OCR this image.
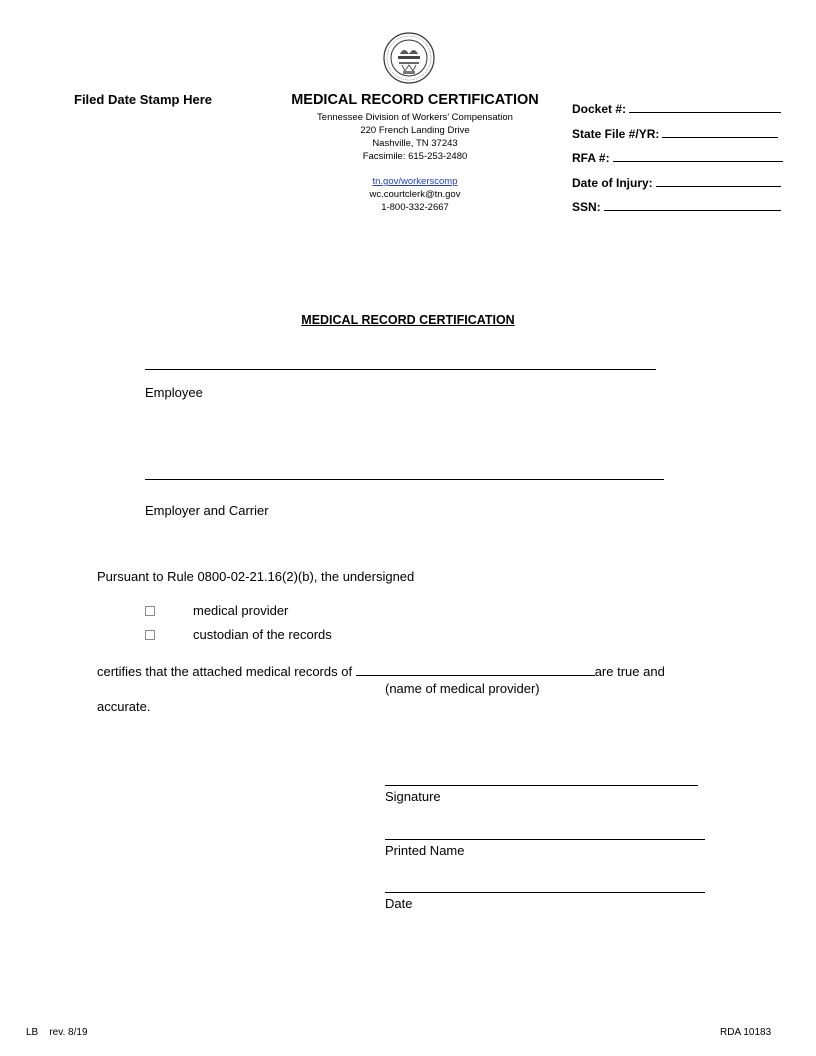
Filed Date Stamp Here	MEDICAL RECORD CERTIFICATION
Tennessee Division of Workers’ Compensation
220 French Landing Drive
Nashville, TN 37243
Facsimile: 615-253-2480
tn.gov/workerscomp
wc.courtclerk@tn.gov
1-800-332-2667
Docket #:
State File #/YR:
RFA #:
Date of Injury:
SSN:
MEDICAL RECORD CERTIFICATION
Employee
Employer and Carrier
Pursuant to Rule 0800-02-21.16(2)(b), the undersigned
medical provider
custodian of the records
certifies that the attached medical records of	are true and
(name of medical provider)
accurate.
Signature
Printed Name
Date
LB    rev. 8/19	RDA 10183
